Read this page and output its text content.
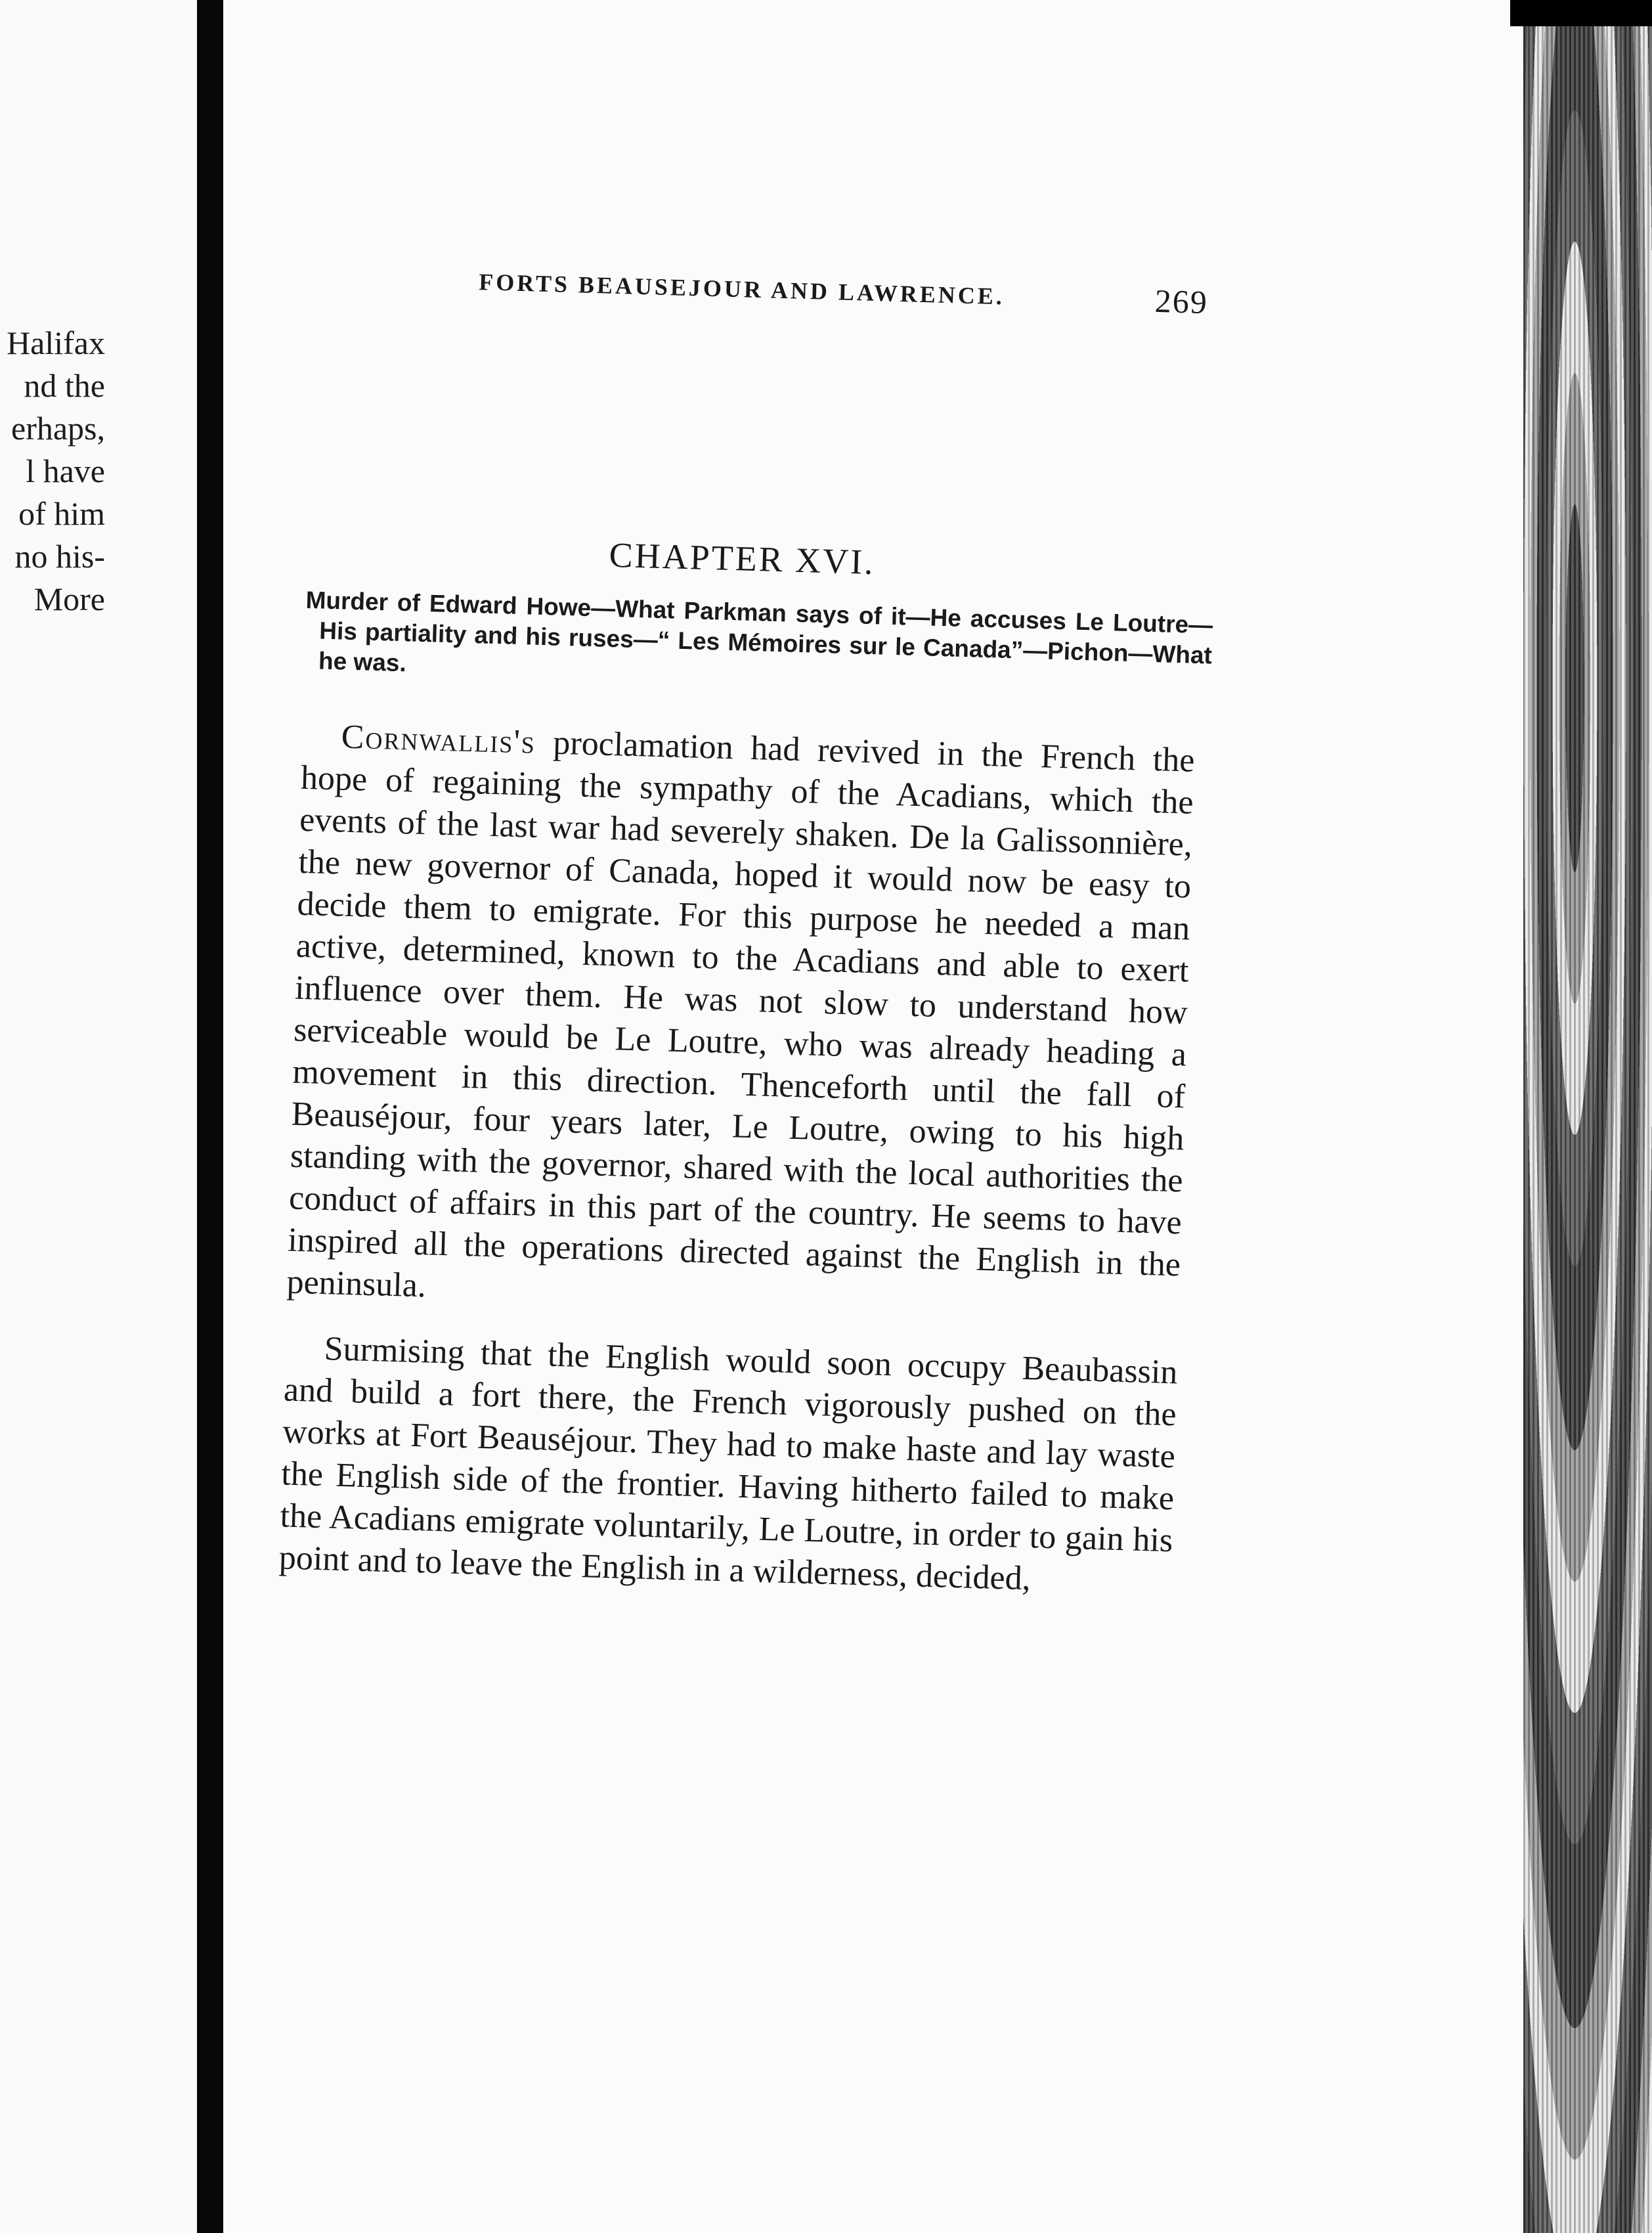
Halifax
nd the
erhaps,
l have
of him
no his-
More
FORTS BEAUSEJOUR AND LAWRENCE.	269
CHAPTER XVI.
Murder of Edward Howe—What Parkman says of it—He accuses Le Loutre—His partiality and his ruses—“ Les Mémoires sur le Canada”—Pichon—What he was.

Cornwallis's proclamation had revived in the French the hope of regaining the sympathy of the Acadians, which the events of the last war had severely shaken. De la Galissonnière, the new governor of Canada, hoped it would now be easy to decide them to emigrate. For this purpose he needed a man active, determined, known to the Acadians and able to exert influence over them. He was not slow to understand how serviceable would be Le Loutre, who was already heading a movement in this direction. Thenceforth until the fall of Beauséjour, four years later, Le Loutre, owing to his high standing with the governor, shared with the local authorities the conduct of affairs in this part of the country. He seems to have inspired all the operations directed against the English in the peninsula.

Surmising that the English would soon occupy Beaubassin and build a fort there, the French vigorously pushed on the works at Fort Beauséjour. They had to make haste and lay waste the English side of the frontier. Having hitherto failed to make the Acadians emigrate voluntarily, Le Loutre, in order to gain his point and to leave the English in a wilderness, decided,
